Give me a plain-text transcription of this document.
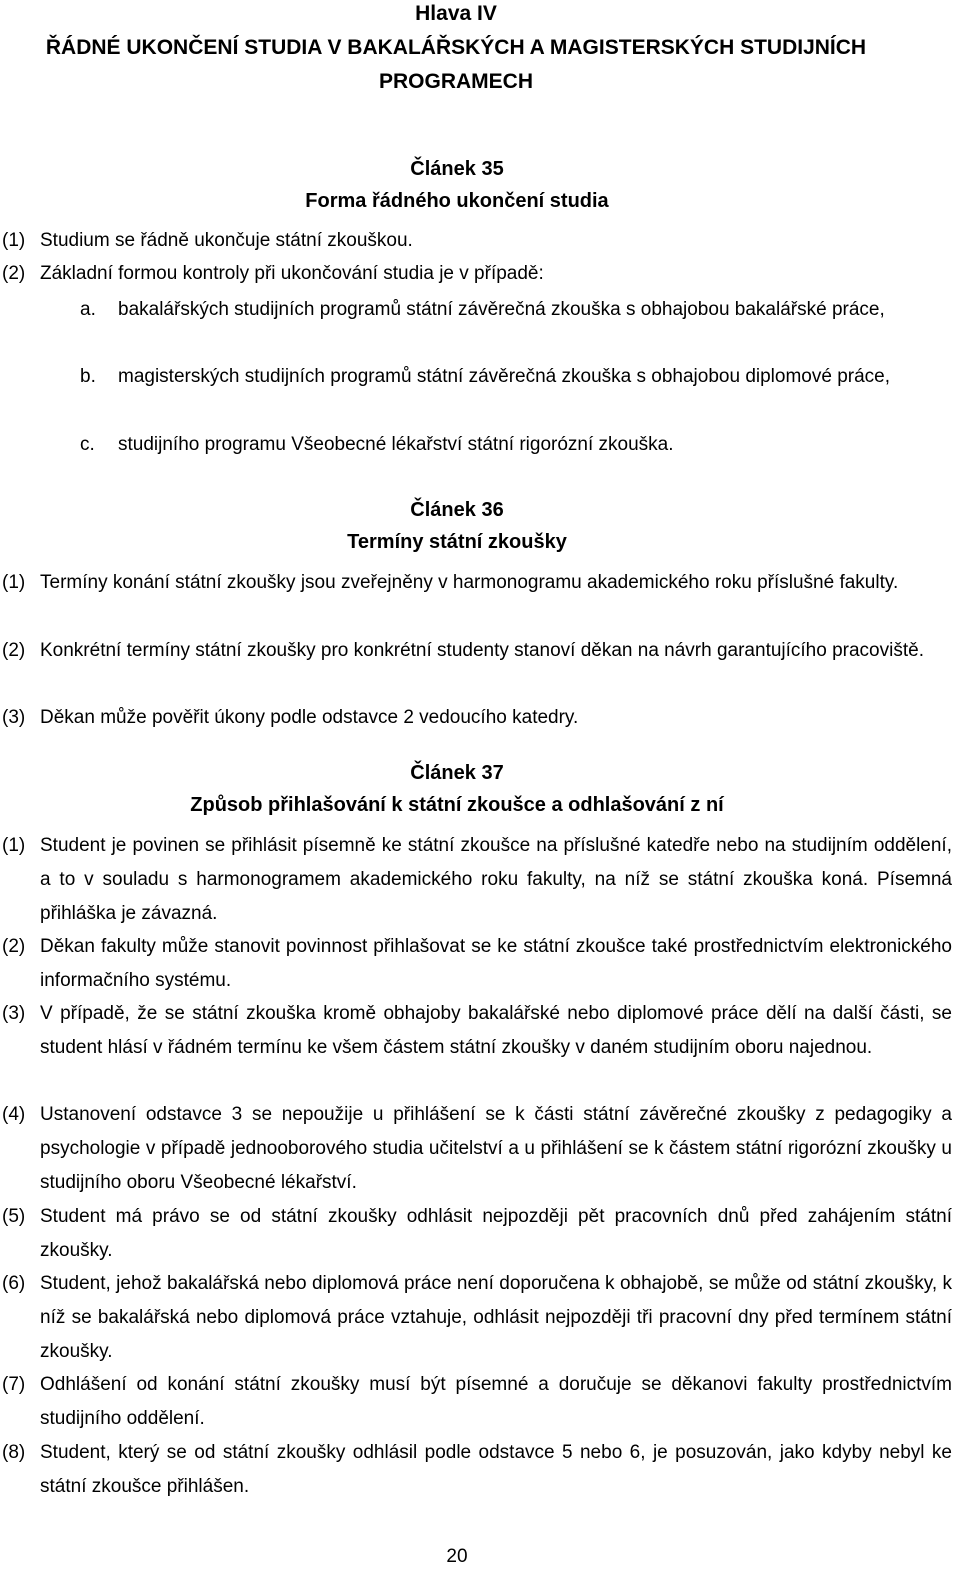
Hlava IV
ŘÁDNÉ UKONČENÍ STUDIA V BAKALÁŘSKÝCH A MAGISTERSKÝCH STUDIJNÍCH
PROGRAMECH
Článek 35
Forma řádného ukončení studia
(1) Studium se řádně ukončuje státní zkouškou.
(2) Základní formou kontroly při ukončování studia je v případě:
a. bakalářských studijních programů státní závěrečná zkouška s obhajobou bakalářské práce,
b. magisterských studijních programů státní závěrečná zkouška s obhajobou diplomové práce,
c. studijního programu Všeobecné lékařství státní rigorózní zkouška.
Článek 36
Termíny státní zkoušky
(1) Termíny konání státní zkoušky jsou zveřejněny v harmonogramu akademického roku příslušné fakulty.
(2) Konkrétní termíny státní zkoušky pro konkrétní studenty stanoví děkan na návrh garantujícího pracoviště.
(3) Děkan může pověřit úkony podle odstavce 2 vedoucího katedry.
Článek 37
Způsob přihlašování k státní zkoušce a odhlašování z ní
(1) Student je povinen se přihlásit písemně ke státní zkoušce na příslušné katedře nebo na studijním oddělení, a to v souladu s harmonogramem akademického roku fakulty, na níž se státní zkouška koná. Písemná přihláška je závazná.
(2) Děkan fakulty může stanovit povinnost přihlašovat se ke státní zkoušce také prostřednictvím elektronického informačního systému.
(3) V případě, že se státní zkouška kromě obhajoby bakalářské nebo diplomové práce dělí na další části, se student hlásí v řádném termínu ke všem částem státní zkoušky v daném studijním oboru najednou.
(4) Ustanovení odstavce 3 se nepoužije u přihlášení se k části státní závěrečné zkoušky z pedagogiky a psychologie v případě jednooborového studia učitelství a u přihlášení se k částem státní rigorózní zkoušky u studijního oboru Všeobecné lékařství.
(5) Student má právo se od státní zkoušky odhlásit nejpozději pět pracovních dnů před zahájením státní zkoušky.
(6) Student, jehož bakalářská nebo diplomová práce není doporučena k obhajobě, se může od státní zkoušky, k níž se bakalářská nebo diplomová práce vztahuje, odhlásit nejpozději tři pracovní dny před termínem státní zkoušky.
(7) Odhlášení od konání státní zkoušky musí být písemné a doručuje se děkanovi fakulty prostřednictvím studijního oddělení.
(8) Student, který se od státní zkoušky odhlásil podle odstavce 5 nebo 6, je posuzován, jako kdyby nebyl ke státní zkoušce přihlášen.
20
